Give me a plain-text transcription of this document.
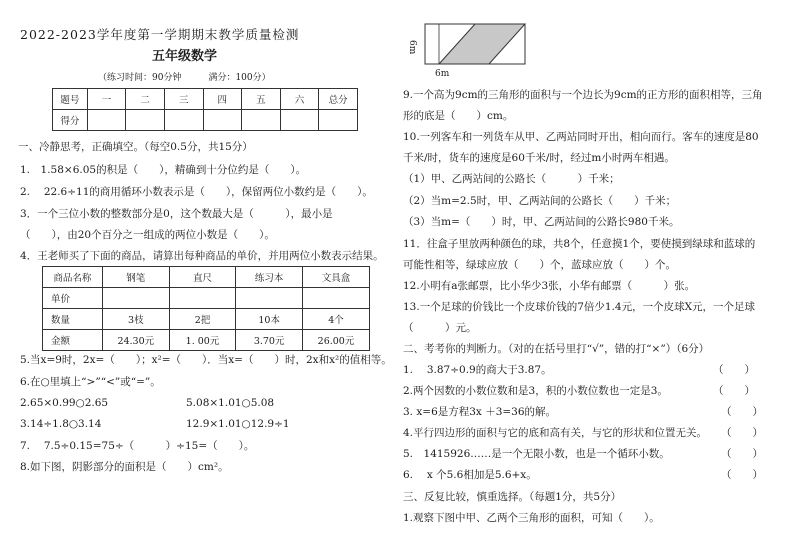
2022-2023学年度第一学期期末教学质量检测
五年级数学
（练习时间：90分钟　　　满分：100分）
题号	一	二	三	四	五	六	总分
得分							
一、冷静思考，正确填空。（每空0.5分，共15分）
1.　1.58×6.05的积是（　　），精确到十分位约是（　　）。
2.　 22.6÷11的商用循环小数表示是（　　），保留两位小数约是（　　）。
3．一个三位小数的整数部分是0，这个数最大是（　　　），最小是
（　　），由20个百分之一组成的两位小数是（　　）。
4．王老师买了下面的商品，请算出每种商品的单价，并用两位小数表示结果。
商品名称	钢笔	直尺	练习本	文具盒
单价				
数量	3枝	2把	10本	4个
金额	24.30元	1. 00元	3.70元	26.00元
5.当x=9时，2x=（　　）；x²=（　　）．当x=（　　）时，2x和x²的值相等。
6.在○里填上“>”“<”或“=”。
2.65×0.99○2.65	5.08×1.01○5.08
3.14÷1.8○3.14	12.9×1.01○12.9÷1
7.　 7.5÷0.15=75÷（　　　）÷15=（　　）。
8.如下图，阴影部分的面积是（　　）cm²。
6m
6m
9.一个高为9cm的三角形的面积与一个边长为9cm的正方形的面积相等，三角
形的底是（　　）cm。
10.一列客车和一列货车从甲、乙两站同时开出，相向而行。客车的速度是80
千米/时，货车的速度是60千米/时，经过m小时两车相遇。
（1）甲、乙两站间的公路长（　　　）千米；
（2）当m=2.5时，甲、乙两站间的公路长（　　）千米；
（3）当m=（　　）时，甲、乙两站间的公路长980千米。
11．往盒子里放两种颜色的球，共8个，任意摸1个，要使摸到绿球和蓝球的
可能性相等，绿球应放（　　）个，蓝球应放（　　）个。
12.小明有a张邮票，比小华少3张，小华有邮票（　　　）张。
13.一个足球的价钱比一个皮球价钱的7倍少1.4元，一个皮球X元，一个足球
（　　　）元。
二、考考你的判断力。（对的在括号里打“√”，错的打“×”）（6分）
1.　 3.87÷0.9的商大于3.87。	（　　）
2.两个因数的小数位数和是3，积的小数位数也一定是3。	（　　）
3. x=6是方程3x ＋3=36的解。	（　　）
4.平行四边形的面积与它的底和高有关，与它的形状和位置无关。 （　　）
5.　1415926……是一个无限小数，也是一个循环小数。	（　　）
6.　 x 个5.6相加是5.6+x。	（　　）
三、反复比较，慎重选择。（每题1分，共5分）
1.观察下图中甲、乙两个三角形的面积，可知（　　）。
